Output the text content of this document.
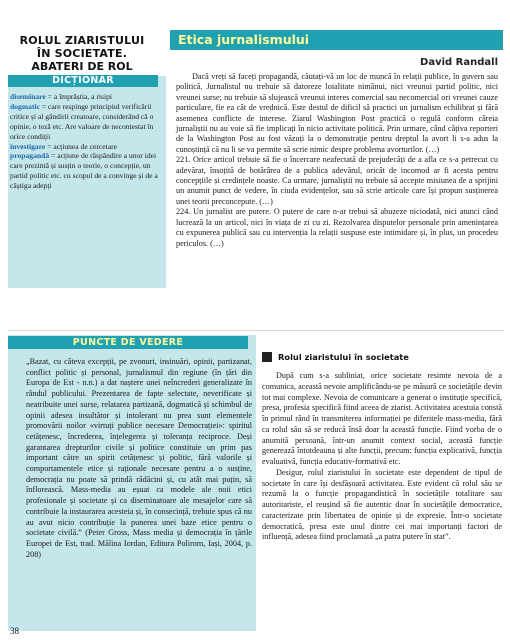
ROLUL ZIARISTULUI
ÎN SOCIETATE.
ABATERI DE ROL
DICȚIONAR

diseminare = a împrăștia, a risipi

dogmatic = care respinge principiul verificării critice și al gândirii creatoare, considerând că o opinie, o teză etc. Are valoare de necontestat în orice condiții

investigare = acțiunea de cercetare

propagandă = acțiune de răspândire a unor idei care prezintă și susțin o teorie, o concepție, un partid politic etc. cu scopul de a convinge și de a câștiga adepți

Etica jurnalismului
David Randall

Dacă vreți să faceți propagandă, căutați-vă un loc de muncă în relații publice, în guvern sau politică. Jurnalistul nu trebuie să datoreze loialitate nimănui, nici vreunui partid politic, nici vreunei surse; nu trebuie să slujească vreunui interes comercial sau necomercial ori vreunei cauze particulare, fie ea cât de vrednică. Este destul de dificil să practici un jurnalism echilibrat și fără asemenea conflicte de interese. Ziarul Washington Post practică o regulă conform căreia jurnaliștii nu au voie să fie implicați în nicio activitate politică. Prin urmare, când câțiva reporteri de la Washington Post au fost văzuți la o demonstrație pentru dreptul la avort li s-a adus la cunoștință că nu li se va permite să scrie nimic despre problema avorturilor. (…)

221. Orice articol trebuie să fie o încercare neafectată de prejudecăți de a afla ce s-a petrecut cu adevărat, însoțită de hotărârea de a publica adevărul, oricât de incomod ar fi acesta pentru concepțiile și credințele noaste. Ca urmare, jurnaliștii nu trebuie să accepte misiunea de a sprijini un anumit punct de vedere, în ciuda evidențelor, sau să scrie articole care își propun susținerea unei teorii preconcepute. (…)

224. Un jurnalist are putere. O putere de care n-ar trebui să abuzeze niciodată, nici atunci când lucrează la un articol, nici în viața de zi cu zi. Rezolvarea disputelor personale prin amenințarea cu expunerea publică sau cu intervenția la relații suspuse este intimidare și, în plus, un procedeu periculos. (…)

PUNCTE DE VEDERE
„Bazat, cu câteva excepții, pe zvonuri, insinuări, opinii, partizanat, conflict politic și personal, jurnalismul din regiune (în țări din Europa de Est - n.n.) a dat naștere unei neîncrederi generalizate în rândul publicului. Prezentarea de fapte selectate, neverificate și neatribuite unei surse, relatarea partizană, dogmatică și schimbul de opinii adesea insultător și intolerant nu prea sunt elementele promovării noilor «virtuți publice necesare Democrației»: spiritul cetățenesc, încrederea, înțelegerea și toleranța reciproce. Deși garantarea drepturilor civile și politice constituie un prim pas important către un spirit cetățenesc și politic, fără valorile și comportamentele etice și raționale necesare pentru a o susține, democrația nu poate să prindă rădăcini și, cu atât mai puțin, să înflorească. Mass-media au eșuat ca modele ale noii etici profesionale și societate și ca diseminatoare ale mesajelor care să contribuie la instaurarea acesteia și, în consecință, trebuie spus că nu au avut nicio contribuție la punerea unei baze etice pentru o societate civilă.” (Peter Gross, Mass media și democrația în țările Europei de Est, trad. Mălina Iordan, Editura Polirom, Iași, 2004, p. 208)
Rolul ziaristului în societate

După cum s-a subliniat, orice societate resimte nevoia de a comunica, această nevoie amplificându-se pe măsură ce societățile devin tot mai complexe. Nevoia de comunicare a generat o instituție specifică, presa, profesia specifică fiind aceea de ziarist. Activitatea acestuia constă în primul rând în transmiterea informației pe diferitele mass-media, fără ca rolul său să se reducă însă doar la această funcție. Fiind vorba de o anumită persoană, într-un anumit context social, această funcție generează întotdeauna și alte funcții, precum: funcția explicativă, funcția evaluativă, funcția educativ-formativă etc.

Desigur, rolul ziaristului în societate este dependent de tipul de societate în care își desfășoară activitatea. Este evident că rolul său se rezumă la o funcție propagandistică în societățile totalitare sau autoritariste, el reușind să fie autentic doar în societățile democratice, caracterizate prin libertatea de opinie și de expresie. Într-o societate democratică, presa este unul dintre cei mai importanți factori de influență, adesea fiind proclamată „a patra putere în stat”.

38
